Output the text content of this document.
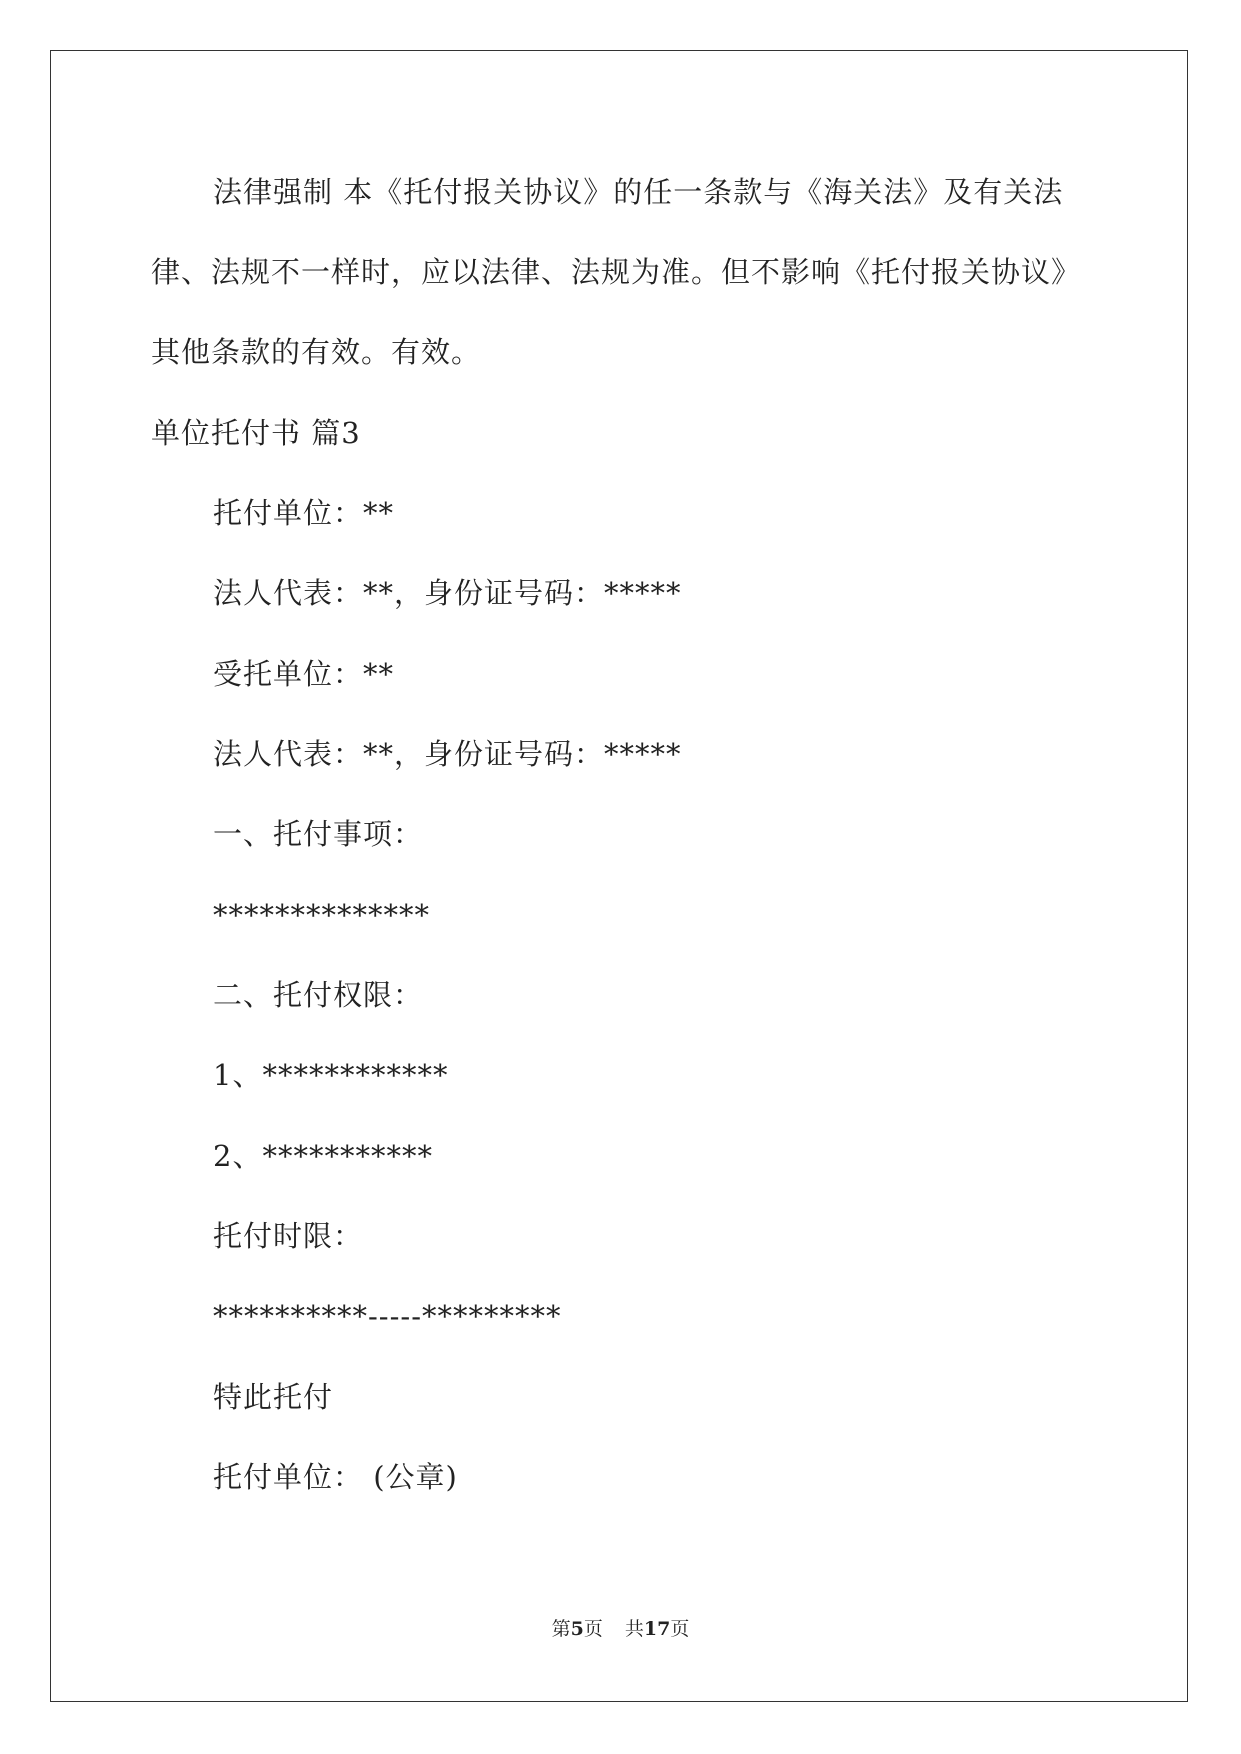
法律强制 本《托付报关协议》的任一条款与《海关法》及有关法
律、法规不一样时，应以法律、法规为准。但不影响《托付报关协议》
其他条款的有效。有效。
单位托付书 篇3
托付单位：**
法人代表：**，身份证号码：*****
受托单位：**
法人代表：**，身份证号码：*****
一、托付事项：
**************
二、托付权限：
1、************
2、***********
托付时限：
**********-----*********
特此托付
托付单位： (公章)
第5页 共17页
